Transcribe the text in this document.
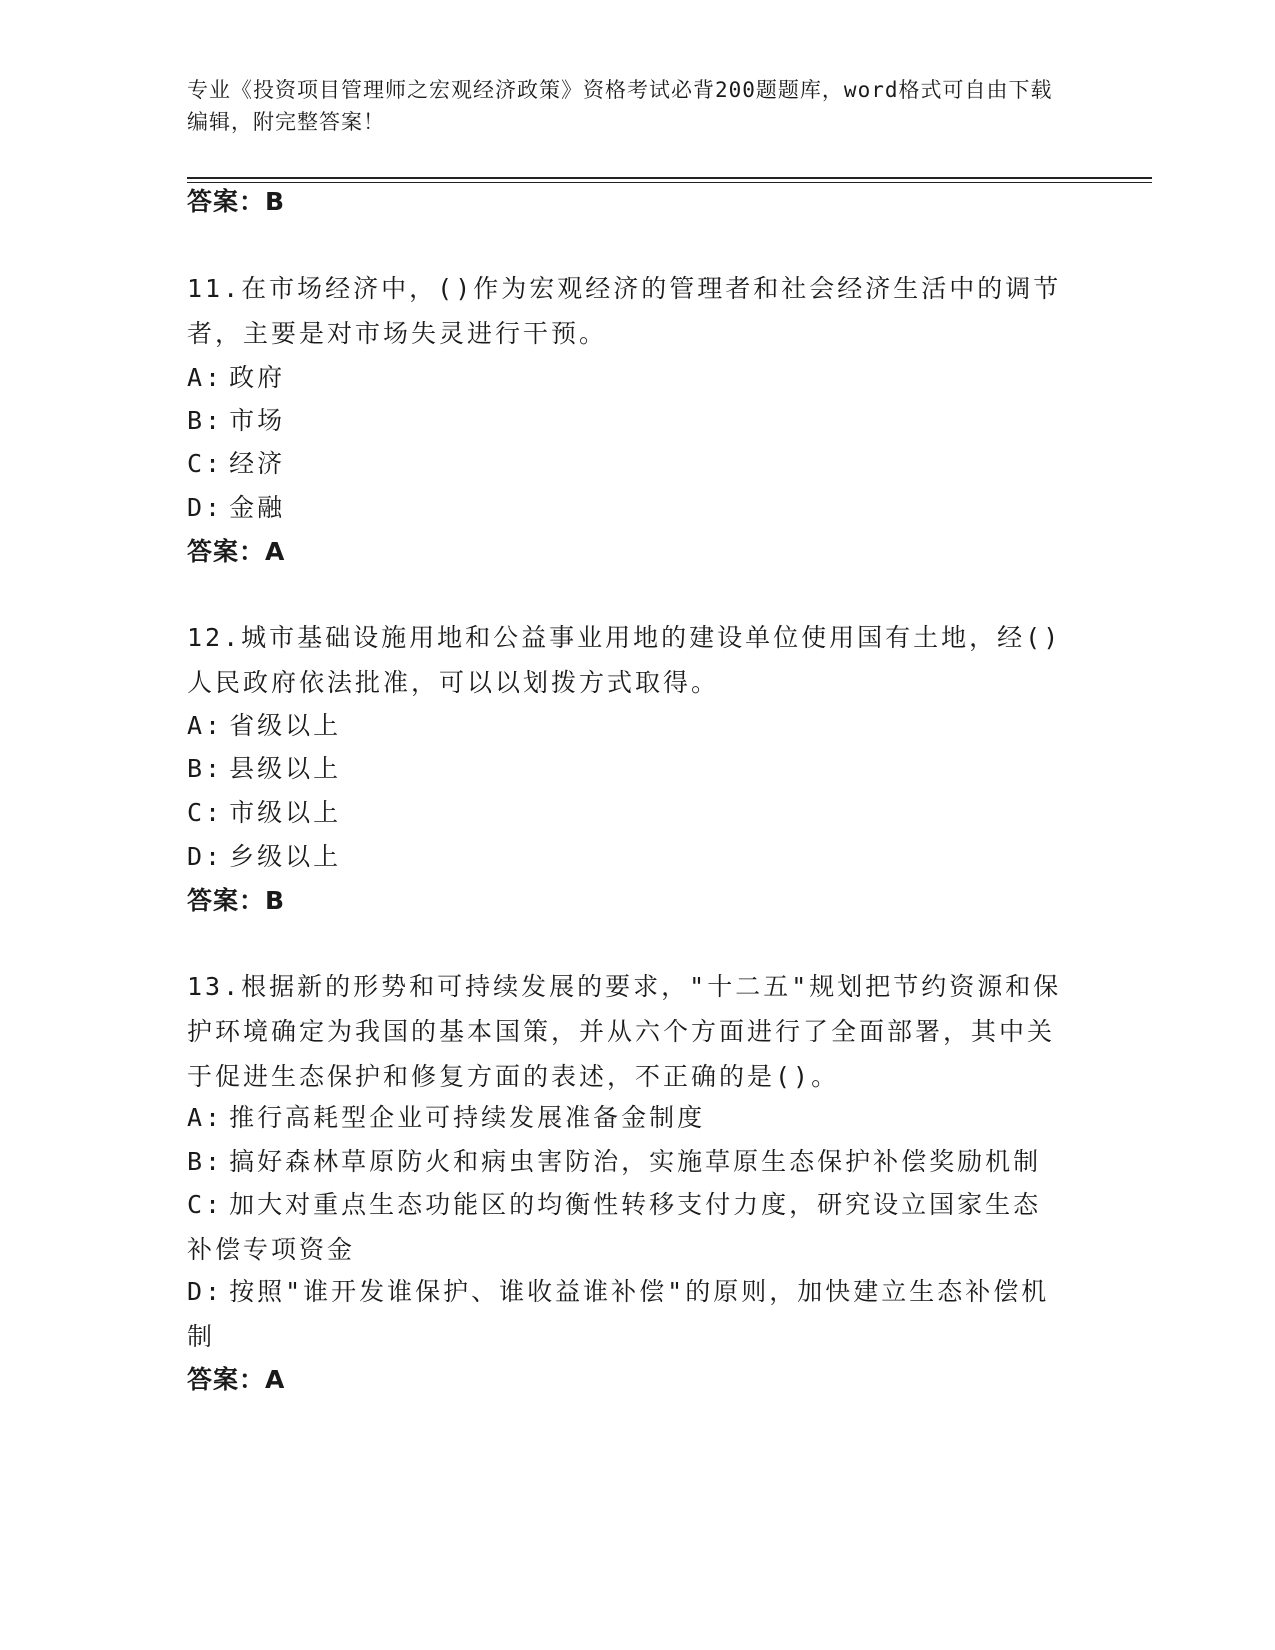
专业《投资项目管理师之宏观经济政策》资格考试必背200题题库，word格式可自由下载编辑，附完整答案！
答案：B
11.在市场经济中，()作为宏观经济的管理者和社会经济生活中的调节者，主要是对市场失灵进行干预。
A: 政府
B: 市场
C: 经济
D: 金融
答案：A
12.城市基础设施用地和公益事业用地的建设单位使用国有土地，经()人民政府依法批准，可以以划拨方式取得。
A: 省级以上
B: 县级以上
C: 市级以上
D: 乡级以上
答案：B
13.根据新的形势和可持续发展的要求，"十二五"规划把节约资源和保护环境确定为我国的基本国策，并从六个方面进行了全面部署，其中关于促进生态保护和修复方面的表述，不正确的是()。
A: 推行高耗型企业可持续发展准备金制度
B: 搞好森林草原防火和病虫害防治，实施草原生态保护补偿奖励机制
C: 加大对重点生态功能区的均衡性转移支付力度，研究设立国家生态补偿专项资金
D: 按照"谁开发谁保护、谁收益谁补偿"的原则，加快建立生态补偿机制
答案：A
